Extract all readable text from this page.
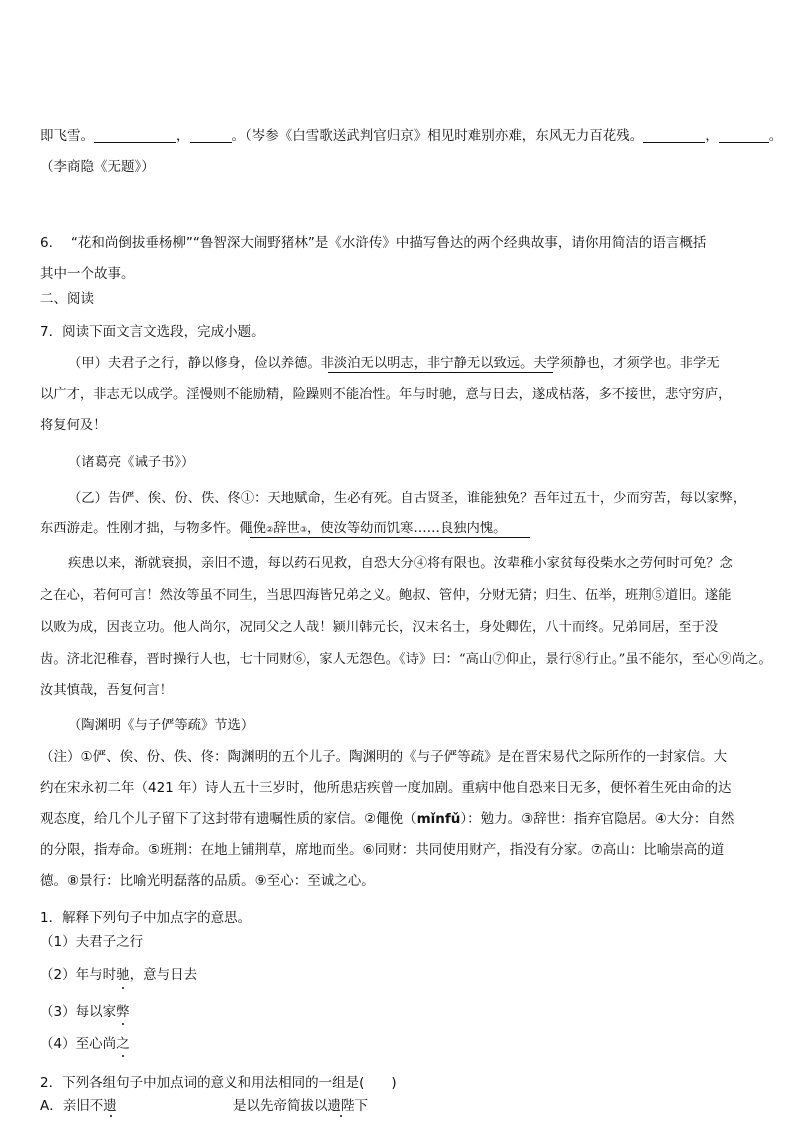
即飞雪。	，	。（岑参《白雪歌送武判官归京》相见时难别亦难，东风无力百花残。	，	。
（李商隐《无题》）
6. “花和尚倒拔垂杨柳”“鲁智深大闹野猪林”是《水浒传》中描写鲁达的两个经典故事，请你用简洁的语言概括
其中一个故事。
二、阅读
7．阅读下面文言文选段，完成小题。
（甲）夫君子之行，静以修身，俭以养德。非淡泊无以明志，非宁静无以致远。夫学须静也，才须学也。非学无
以广才，非志无以成学。淫慢则不能励精，险躁则不能冶性。年与时驰，意与日去，遂成枯落，多不接世，悲守穷庐，
将复何及！
（诸葛亮《诫子书》）
（乙）告俨、俟、份、佚、佟①：天地赋命，生必有死。自古贤圣，谁能独免？吾年过五十，少而穷苦，每以家弊，
东西游走。性刚才拙，与物多忤。僶俛②辞世③，使汝等幼而饥寒……良独内愧。
疾患以来，渐就衰损，亲旧不遗，每以药石见救，自恐大分④将有限也。汝辈稚小家贫每役柴水之劳何时可免？念
之在心，若何可言！然汝等虽不同生，当思四海皆兄弟之义。鲍叔、管仲，分财无猜；归生、伍举，班荆⑤道旧。遂能
以败为成，因丧立功。他人尚尔，况同父之人哉！颍川韩元长，汉末名士，身处卿佐，八十而终。兄弟同居，至于没
齿。济北氾稚春，晋时操行人也，七十同财⑥，家人无怨色。《诗》曰：“高山⑦仰止，景行⑧行止。”虽不能尔，至心⑨尚之。
汝其慎哉，吾复何言！
（陶渊明《与子俨等疏》节选）
（注）①俨、俟、份、佚、佟：陶渊明的五个儿子。陶渊明的《与子俨等疏》是在晋宋易代之际所作的一封家信。大
约在宋永初二年（421 年）诗人五十三岁时，他所患痁疾曾一度加剧。重病中他自恐来日无多，便怀着生死由命的达
观态度，给几个儿子留下了这封带有遗嘱性质的家信。②僶俛（mǐnfǔ）：勉力。③辞世：指弃官隐居。④大分：自然
的分限，指寿命。⑤班荆：在地上铺荆草，席地而坐。⑥同财：共同使用财产，指没有分家。⑦高山：比喻崇高的道
德。⑧景行：比喻光明磊落的品质。⑨至心：至诚之心。
1．解释下列句子中加点字的意思。
（1）夫君子之行
（2）年与时驰，意与日去
（3）每以家弊
（4）至心尚之
2．下列各组句子中加点词的意义和用法相同的一组是(　　)
A．亲旧不遗	是以先帝简拔以遗陛下
